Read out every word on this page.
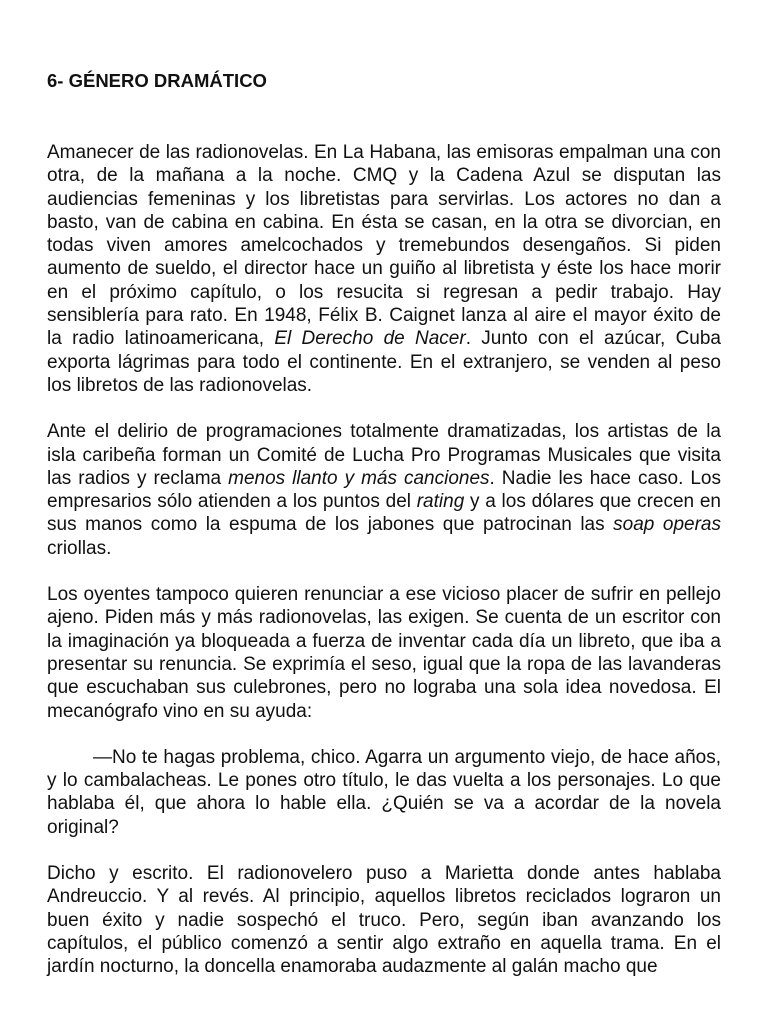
6- GÉNERO DRAMÁTICO

Amanecer de las radionovelas. En La Habana, las emisoras empalman una con otra, de la mañana a la noche. CMQ y la Cadena Azul se disputan las audiencias femeninas y los libretistas para servirlas. Los actores no dan a basto, van de cabina en cabina. En ésta se casan, en la otra se divorcian, en todas viven amores amelcochados y tremebundos desengaños. Si piden aumento de sueldo, el director hace un guiño al libretista y éste los hace morir en el próximo capítulo, o los resucita si regresan a pedir trabajo. Hay sensiblería para rato. En 1948, Félix B. Caignet lanza al aire el mayor éxito de la radio latinoamericana, El Derecho de Nacer. Junto con el azúcar, Cuba exporta lágrimas para todo el continente. En el extranjero, se venden al peso los libretos de las radionovelas.

Ante el delirio de programaciones totalmente dramatizadas, los artistas de la isla caribeña forman un Comité de Lucha Pro Programas Musicales que visita las radios y reclama menos llanto y más canciones. Nadie les hace caso. Los empresarios sólo atienden a los puntos del rating y a los dólares que crecen en sus manos como la espuma de los jabones que patrocinan las soap operas criollas.

Los oyentes tampoco quieren renunciar a ese vicioso placer de sufrir en pellejo ajeno. Piden más y más radionovelas, las exigen. Se cuenta de un escritor con la imaginación ya bloqueada a fuerza de inventar cada día un libreto, que iba a presentar su renuncia. Se exprimía el seso, igual que la ropa de las lavanderas que escuchaban sus culebrones, pero no lograba una sola idea novedosa. El mecanógrafo vino en su ayuda:

—No te hagas problema, chico. Agarra un argumento viejo, de hace años, y lo cambalacheas. Le pones otro título, le das vuelta a los personajes. Lo que hablaba él, que ahora lo hable ella. ¿Quién se va a acordar de la novela original?

Dicho y escrito. El radionovelero puso a Marietta donde antes hablaba Andreuccio. Y al revés. Al principio, aquellos libretos reciclados lograron un buen éxito y nadie sospechó el truco. Pero, según iban avanzando los capítulos, el público comenzó a sentir algo extraño en aquella trama. En el jardín nocturno, la doncella enamoraba audazmente al galán macho que
